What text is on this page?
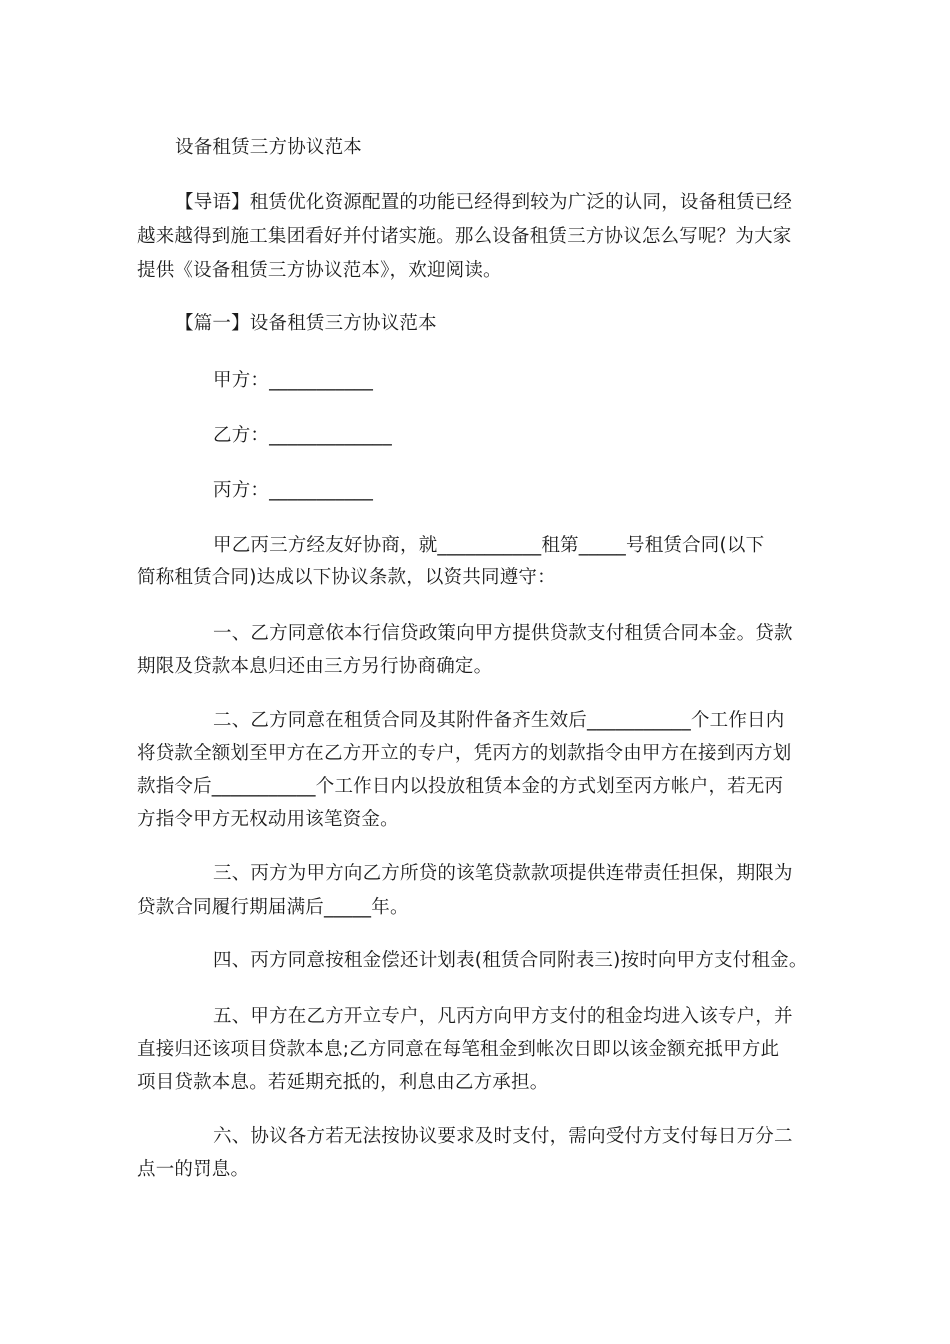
设备租赁三方协议范本
【导语】租赁优化资源配置的功能已经得到较为广泛的认同，设备租赁已经
越来越得到施工集团看好并付诸实施。那么设备租赁三方协议怎么写呢？为大家
提供《设备租赁三方协议范本》，欢迎阅读。
【篇一】设备租赁三方协议范本
甲方：___________
乙方：_____________
丙方：___________
甲乙丙三方经友好协商，就___________租第_____号租赁合同(以下
简称租赁合同)达成以下协议条款，以资共同遵守：
一、乙方同意依本行信贷政策向甲方提供贷款支付租赁合同本金。贷款
期限及贷款本息归还由三方另行协商确定。
二、乙方同意在租赁合同及其附件备齐生效后___________个工作日内
将贷款全额划至甲方在乙方开立的专户，凭丙方的划款指令由甲方在接到丙方划
款指令后___________个工作日内以投放租赁本金的方式划至丙方帐户，若无丙
方指令甲方无权动用该笔资金。
三、丙方为甲方向乙方所贷的该笔贷款款项提供连带责任担保，期限为
贷款合同履行期届满后_____年。
四、丙方同意按租金偿还计划表(租赁合同附表三)按时向甲方支付租金。
五、甲方在乙方开立专户，凡丙方向甲方支付的租金均进入该专户，并
直接归还该项目贷款本息;乙方同意在每笔租金到帐次日即以该金额充抵甲方此
项目贷款本息。若延期充抵的，利息由乙方承担。
六、协议各方若无法按协议要求及时支付，需向受付方支付每日万分二
点一的罚息。
